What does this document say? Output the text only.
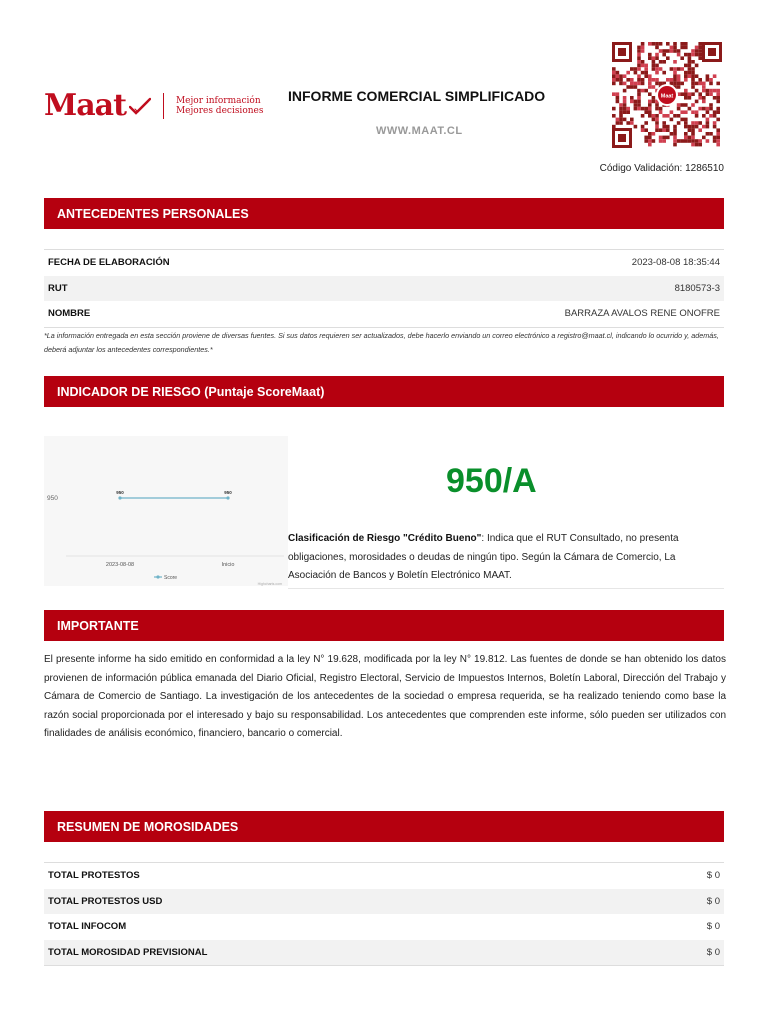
Maat	Mejor información
Mejores decisiones
INFORME COMERCIAL SIMPLIFICADO
WWW.MAAT.CL
Maat
Código Validación: 1286510
ANTECEDENTES PERSONALES
FECHA DE ELABORACIÓN	2023-08-08 18:35:44
RUT	8180573-3
NOMBRE	BARRAZA AVALOS RENE ONOFRE
*La información entregada en esta sección proviene de diversas fuentes. Si sus datos requieren ser actualizados, debe hacerlo enviando un correo electrónico a registro@maat.cl, indicando lo ocurrido y, además, deberá adjuntar los antecedentes correspondientes.*
INDICADOR DE RIESGO (Puntaje ScoreMaat)
950
950	950
2023-08-08	Inicio
Score
Highcharts.com
950/A
Clasificación de Riesgo "Crédito Bueno": Indica que el RUT Consultado, no presenta obligaciones, morosidades o deudas de ningún tipo. Según la Cámara de Comercio, La Asociación de Bancos y Boletín Electrónico MAAT.
IMPORTANTE
El presente informe ha sido emitido en conformidad a la ley N° 19.628, modificada por la ley N° 19.812. Las fuentes de donde se han obtenido los datos provienen de información pública emanada del Diario Oficial, Registro Electoral, Servicio de Impuestos Internos, Boletín Laboral, Dirección del Trabajo y Cámara de Comercio de Santiago. La investigación de los antecedentes de la sociedad o empresa requerida, se ha realizado teniendo como base la razón social proporcionada por el interesado y bajo su responsabilidad. Los antecedentes que comprenden este informe, sólo pueden ser utilizados con finalidades de análisis económico, financiero, bancario o comercial.
RESUMEN DE MOROSIDADES
TOTAL PROTESTOS	$ 0
TOTAL PROTESTOS USD	$ 0
TOTAL INFOCOM	$ 0
TOTAL MOROSIDAD PREVISIONAL	$ 0
